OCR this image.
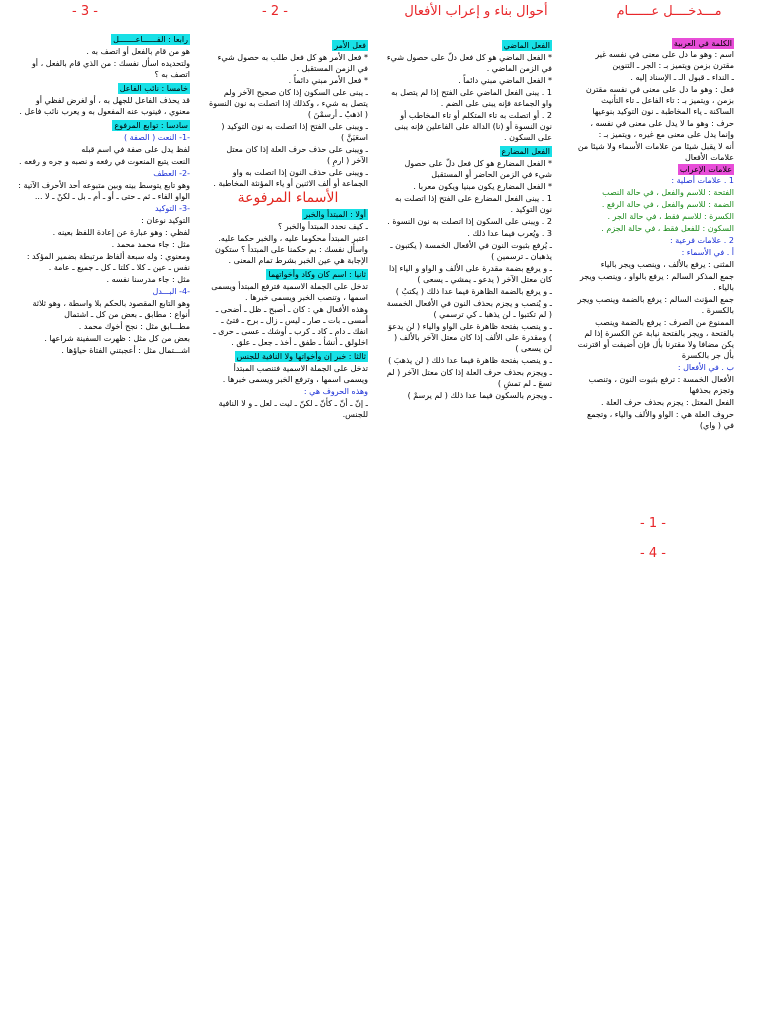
- 3 -	- 2 -	مـــدخــــل عــــــام
أحوال بناء و إعراب الأفعال
الكلمة في العربية

اسم : وهو ما دل على معنى في نفسه غير مقترن بزمن ويتميز بـ : الجر ـ التنوين

ـ النداء ـ قبول الـ ـ الإسناد إليه .

فعل : وهو ما دل على معنى في نفسه مقترن بزمن ، ويتميز بـ : تاء الفاعل ـ تاء التأنيث الساكنة ـ ياء المخاطبة ـ نون التوكيد بنوعيها

حرف : وهو ما لا يدل على معنى في نفسه ، وإنما يدل على معنى مع غيره ، ويتميز بـ :

أنه لا يقبل شيئا من علامات الأسماء ولا شيئا من علامات الأفعال

علامات الإعراب

1 . علامات أصلية :

الفتحة : للاسم والفعل ، في حالة النصب

الضمة : للاسم والفعل ، في حالة الرفع .

الكسرة : للاسم فقط ، في حالة الجر .

السكون : للفعل فقط ، في حالة الجزم .

2 . علامات فرعية :

أ . في الأسماء :

المثنى : يرفع بالألف ، وينصب ويجر بالياء

جمع المذكر السالم : يرفع بالواو ، وينصب ويجر بالياء .

جمع المؤنث السالم : يرفع بالضمة وينصب ويجر بالكسرة .

الممنوع من الصرف : يرفع بالضمة وينصب بالفتحة ، ويجر بالفتحة نيابة عن الكسرة إذا لم يكن مضافا ولا مقترنا بأل فإن أضيفت أو اقترنت بأل جر بالكسرة

ب . في الأفعال :

الأفعال الخمسة : ترفع بثبوت النون ، وتنصب وتجزم بحذفها

الفعل المعتل : يجزم بحذف حرف العلة .

حروف العلة هي : الواو والألف والياء ، وتجمع في ( واي)

الفعل الماضي

* الفعل الماضي هو كل فعل دلّ على حصول شيء في الزمن الماضي .

* الفعل الماضي مبني دائماً .

1 . يبنى الفعل الماضي على الفتح إذا لم يتصل به واو الجماعة فإنه يبنى على الضم .

2 . أو اتصلت به تاء المتكلم أو تاء المخاطب أو نون النسوة أو (نا) الدالة على الفاعلين فإنه يبنى على السكون .

الفعل المضارع

* الفعل المضارع هو كل فعل دلّ على حصول شيء في الزمن الحاضر أو المستقبل

* الفعل المضارع يكون مبنيا ويكون معربا .

1 . يبنى الفعل المضارع على الفتح إذا اتصلت به نون التوكيد .

2 . ويبنى على السكون إذا اتصلت به نون النسوة .

3 . ويُعرب فيما عدا ذلك .

ـ يُرفع بثبوت النون في الأفعال الخمسة ( يكتبون ـ يذهبان ـ ترسمين )

ـ و يرفع بضمة مقدرة على الألف و الواو و الياء إذا كان معتل الآخر ( يدعو ـ يمشي ـ يسعى )

ـ و يرفع بالضمة الظاهرة فيما عدا ذلك ( يكتبُ )

ـ و يُنصب و يجزم بحذف النون في الأفعال الخمسة ( لم تكتبوا ـ لن يذهبا ـ كي ترسمي )

ـ و ينصب بفتحة ظاهرة على الواو والياء ( لن يدعوَ ) ومقدرة على الألف إذا كان معتل الآخر بالألف ( لن يسعى )

ـ و ينصب بفتحة ظاهرة فيما عدا ذلك ( لن يذهبَ )

ـ ويجزم بحذف حرف العلة إذا كان معتل الآخر ( لم نسعَ ـ لم تمشِ )

ـ ويجزم بالسكون فيما عدا ذلك ( لم يرسمْ )

فعل الأمر

* فعل الأمر هو كل فعل طلب به حصول شيء في الزمن المستقبل .

* فعل الأمر مبني دائماً .

ـ يبنى على السكون إذا كان صحيح الآخر ولم يتصل به شيء ، وكذلك إذا اتصلت به نون النسوة ( اذهبْ ـ أرسمْنَ )

ـ ويبنى على الفتح إذا اتصلت به نون التوكيد ( اسعَيَنَّ )

ـ ويبنى على حذف حرف العلة إذا كان معتل الآخر ( ارمِ )

ـ ويبنى على حذف النون إذا اتصلت به واو الجماعة أو ألف الاثنين أو ياء المؤنثة المخاطبة .

الأسماء المرفوعة
أولا : المبتدأ والخبر

ـ كيف نحدد المبتدأ والخبر ؟

اعتبر المبتدأ محكوما عليه ، والخبر حكما عليه. واسأل نفسك : بم حكمنا على المبتدأ ؟ ستكون الإجابة هي عين الخبر بشرط تمام المعنى .

ثانيا : اسم كان وكاد وأخواتهما

تدخل على الجملة الاسمية فترفع المبتدأ ويسمى اسمها ، وتنصب الخبر ويسمى خبرها .

وهذه الأفعال هي : كان ـ أصبح ـ ظل ـ أضحى ـ أمسى ـ بات ـ صار ـ ليس ـ زال ـ برح ـ فتئ ـ انفك ـ دام ـ كاد ـ كرب ـ أوشك ـ عسى ـ حرى ـ اخلولق ـ أنشأ ـ طفق ـ أخذ ـ جعل ـ علق .

ثالثا : خبر إن وأخواتها ولا النافية للجنس

تدخل على الجملة الاسمية فتنصب المبتدأ ويسمى اسمها ، وترفع الخبر ويسمى خبرها .

وهذه الحروف هي :

ـ إنّ ـ أنّ ـ كأنّ ـ لكنّ ـ ليت ـ لعل ـ و لا النافية للجنس.

رابعا : الفــــــاعـــــــل

هو من قام بالفعل أو اتصف به .

ولتحديده اسأل نفسك : من الذي قام بالفعل ، أو اتصف به ؟

خامسا : نائب الفاعل

قد يحذف الفاعل للجهل به ، أو لغرض لفظي أو معنوي ، فينوب عنه المفعول به و يعرب نائب فاعل .

سادسا : توابع المرفوع

-1- النعت ( الصفة )

لفظ يدل على صفة في اسم قبله

النعت يتبع المنعوت في رفعه و نصبه و جره و رفعه .

-2- العطف

وهو تابع يتوسط بينه وبين متبوعه أحد الأحرف الآتية : الواو الفاء ـ ثم ـ حتى ـ أو ـ أم ـ بل ـ لكنْ ـ لا ...

-3- التوكيد

التوكيد نوعان :

لفظي : وهو عبارة عن إعادة اللفظ بعينه .

مثل : جاء محمد محمد .

ومعنوي : وله سبعة ألفاظ مرتبطة بضمير المؤكد : نفس ـ عين ـ كلا ـ كلتا ـ كل ـ جميع ـ عامة .

مثل : جاء مدرسنا نفسه .

-4- البـــدل

وهو التابع المقصود بالحكم بلا واسطة ، وهو ثلاثة أنواع : مطابق ـ بعض من كل ـ اشتمال

مطـــابق مثل : نجح أخوك محمد .

بعض من كل مثل : ظهرت السفينة شراعها .

اشـــتمال مثل : أعجبتني الفتاة حياؤها .

- 1 -
- 4 -
